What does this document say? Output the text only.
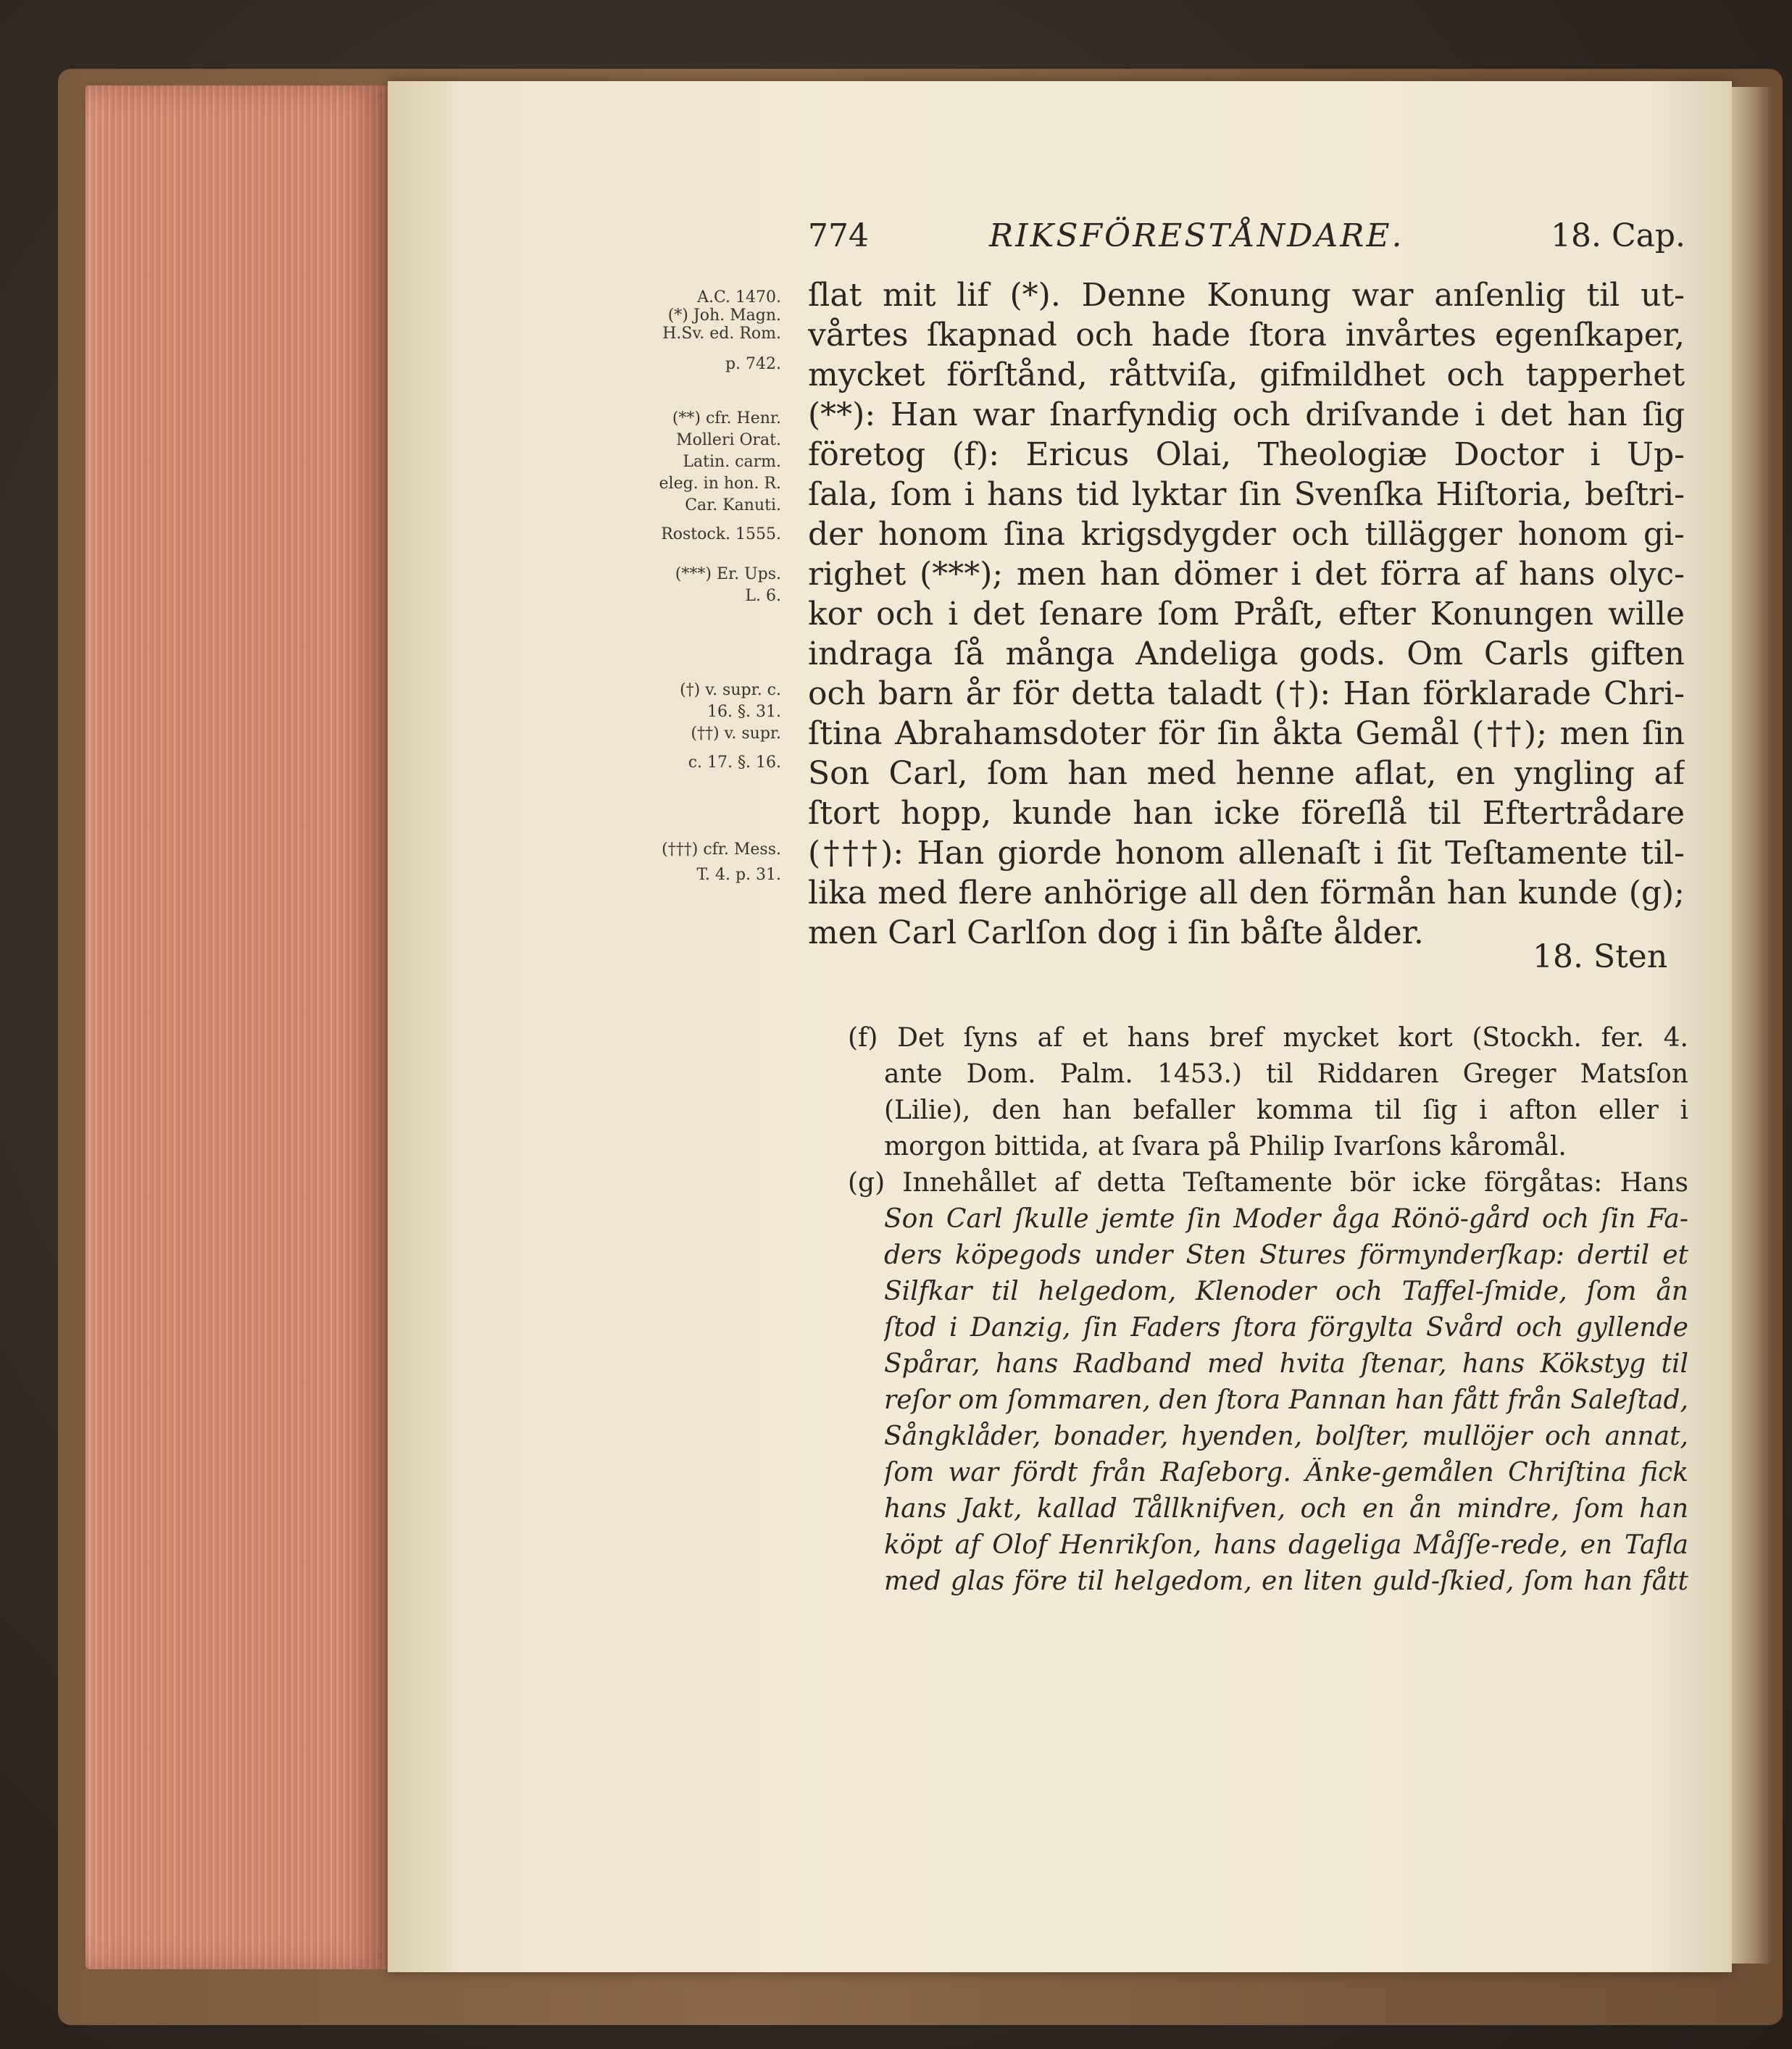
774	RIKSFÖRESTÅNDARE.	18. Cap.
A.C. 1470.
(*) Joh. Magn.
H.Sv. ed. Rom.
p. 742.
(**) cfr. Henr.
Molleri Orat.
Latin. carm.
eleg. in hon. R.
Car. Kanuti.
Rostock. 1555.
(***) Er. Ups.
L. 6.
(†) v. supr. c.
16. §. 31.
(††) v. supr.
c. 17. §. 16.
(†††) cfr. Mess.
T. 4. p. 31.
ſlat mit lif (*). Denne Konung war anſenlig til ut-
vårtes ſkapnad och hade ſtora invårtes egenſkaper,
mycket förſtånd, råttviſa, gifmildhet och tapperhet
(**): Han war ſnarfyndig och driſvande i det han ſig
företog (f): Ericus Olai, Theologiæ Doctor i Up-
ſala, ſom i hans tid lyktar ſin Svenſka Hiſtoria, beſtri-
der honom ſina krigsdygder och tillägger honom gi-
righet (***); men han dömer i det förra af hans olyc-
kor och i det ſenare ſom Pråſt, efter Konungen wille
indraga ſå många Andeliga gods. Om Carls giften
och barn år för detta taladt (†): Han förklarade Chri-
ſtina Abrahamsdoter för ſin åkta Gemål (††); men ſin
Son Carl, ſom han med henne aflat, en yngling af
ſtort hopp, kunde han icke föreſlå til Eftertrådare
(†††): Han giorde honom allenaſt i ſit Teſtamente til-
lika med flere anhörige all den förmån han kunde (g);
men Carl Carlſon dog i ſin båſte ålder.
18. Sten
(f) Det ſyns af et hans bref mycket kort (Stockh. fer. 4.
ante Dom. Palm. 1453.) til Riddaren Greger Matsſon
(Lilie), den han befaller komma til ſig i afton eller i
morgon bittida, at ſvara på Philip Ivarſons kåromål.
(g) Innehållet af detta Teſtamente bör icke förgåtas: Hans
Son Carl ſkulle jemte ſin Moder åga Rönö-gård och ſin Fa-
ders köpegods under Sten Stures förmynderſkap: dertil et
Silfkar til helgedom, Klenoder och Taffel-ſmide, ſom ån
ſtod i Danzig, ſin Faders ſtora förgylta Svård och gyllende
Spårar, hans Radband med hvita ſtenar, hans Kökstyg til
reſor om ſommaren, den ſtora Pannan han fått från Saleſtad,
Sångklåder, bonader, hyenden, bolſter, mullöjer och annat,
ſom war fördt från Raſeborg. Änke-gemålen Chriſtina fick
hans Jakt, kallad Tållknifven, och en ån mindre, ſom han
köpt af Olof Henrikſon, hans dageliga Måſſe-rede, en Tafla
med glas före til helgedom, en liten guld-ſkied, ſom han fått
